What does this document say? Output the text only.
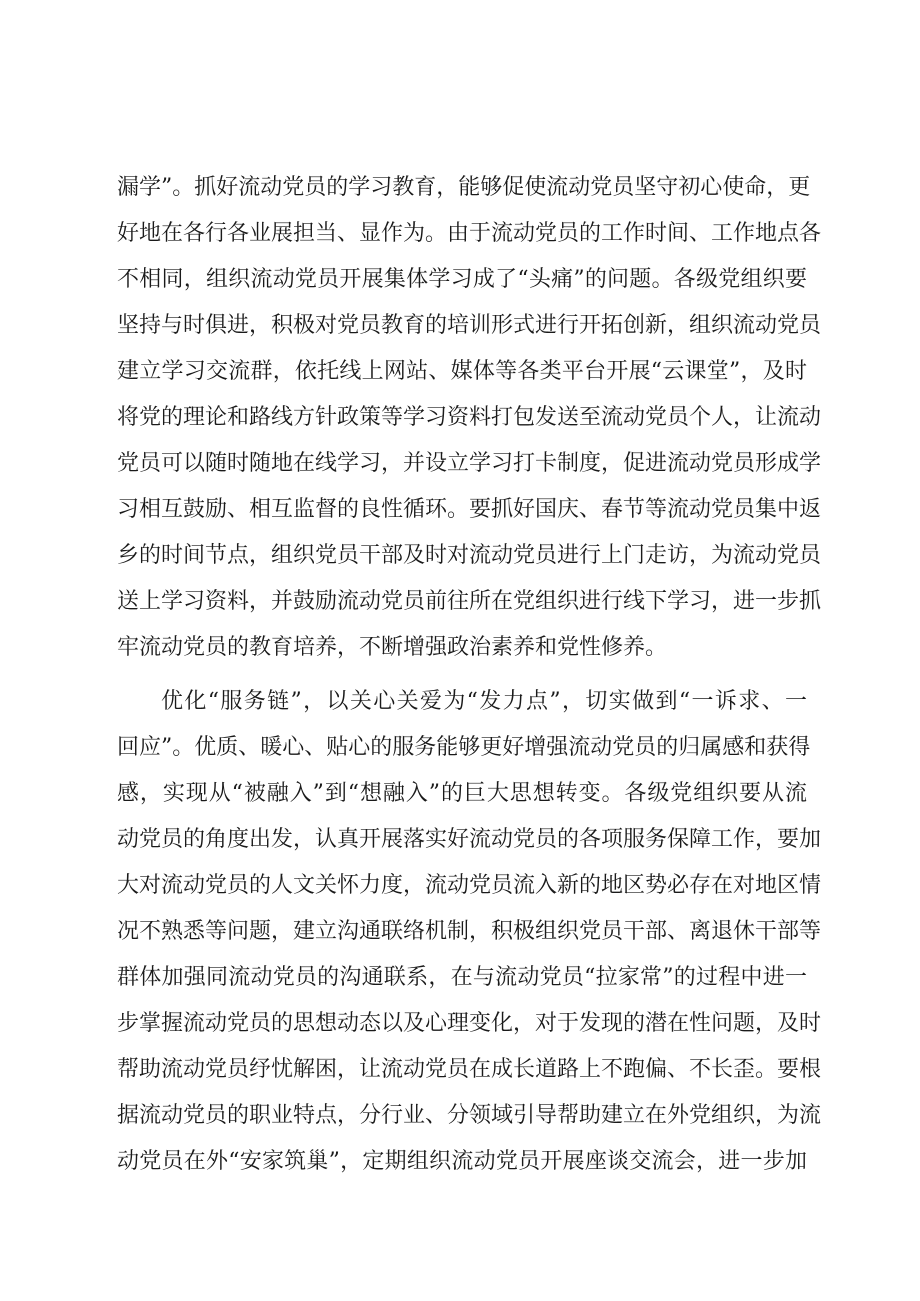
漏学”。抓好流动党员的学习教育，能够促使流动党员坚守初心使命，更
好地在各行各业展担当、显作为。由于流动党员的工作时间、工作地点各
不相同，组织流动党员开展集体学习成了“头痛”的问题。各级党组织要
坚持与时俱进，积极对党员教育的培训形式进行开拓创新，组织流动党员
建立学习交流群，依托线上网站、媒体等各类平台开展“云课堂”，及时
将党的理论和路线方针政策等学习资料打包发送至流动党员个人，让流动
党员可以随时随地在线学习，并设立学习打卡制度，促进流动党员形成学
习相互鼓励、相互监督的良性循环。要抓好国庆、春节等流动党员集中返
乡的时间节点，组织党员干部及时对流动党员进行上门走访，为流动党员
送上学习资料，并鼓励流动党员前往所在党组织进行线下学习，进一步抓
牢流动党员的教育培养，不断增强政治素养和党性修养。
优化“服务链”，以关心关爱为“发力点”，切实做到“一诉求、一
回应”。优质、暖心、贴心的服务能够更好增强流动党员的归属感和获得
感，实现从“被融入”到“想融入”的巨大思想转变。各级党组织要从流
动党员的角度出发，认真开展落实好流动党员的各项服务保障工作，要加
大对流动党员的人文关怀力度，流动党员流入新的地区势必存在对地区情
况不熟悉等问题，建立沟通联络机制，积极组织党员干部、离退休干部等
群体加强同流动党员的沟通联系，在与流动党员“拉家常”的过程中进一
步掌握流动党员的思想动态以及心理变化，对于发现的潜在性问题，及时
帮助流动党员纾忧解困，让流动党员在成长道路上不跑偏、不长歪。要根
据流动党员的职业特点，分行业、分领域引导帮助建立在外党组织，为流
动党员在外“安家筑巢”，定期组织流动党员开展座谈交流会，进一步加
